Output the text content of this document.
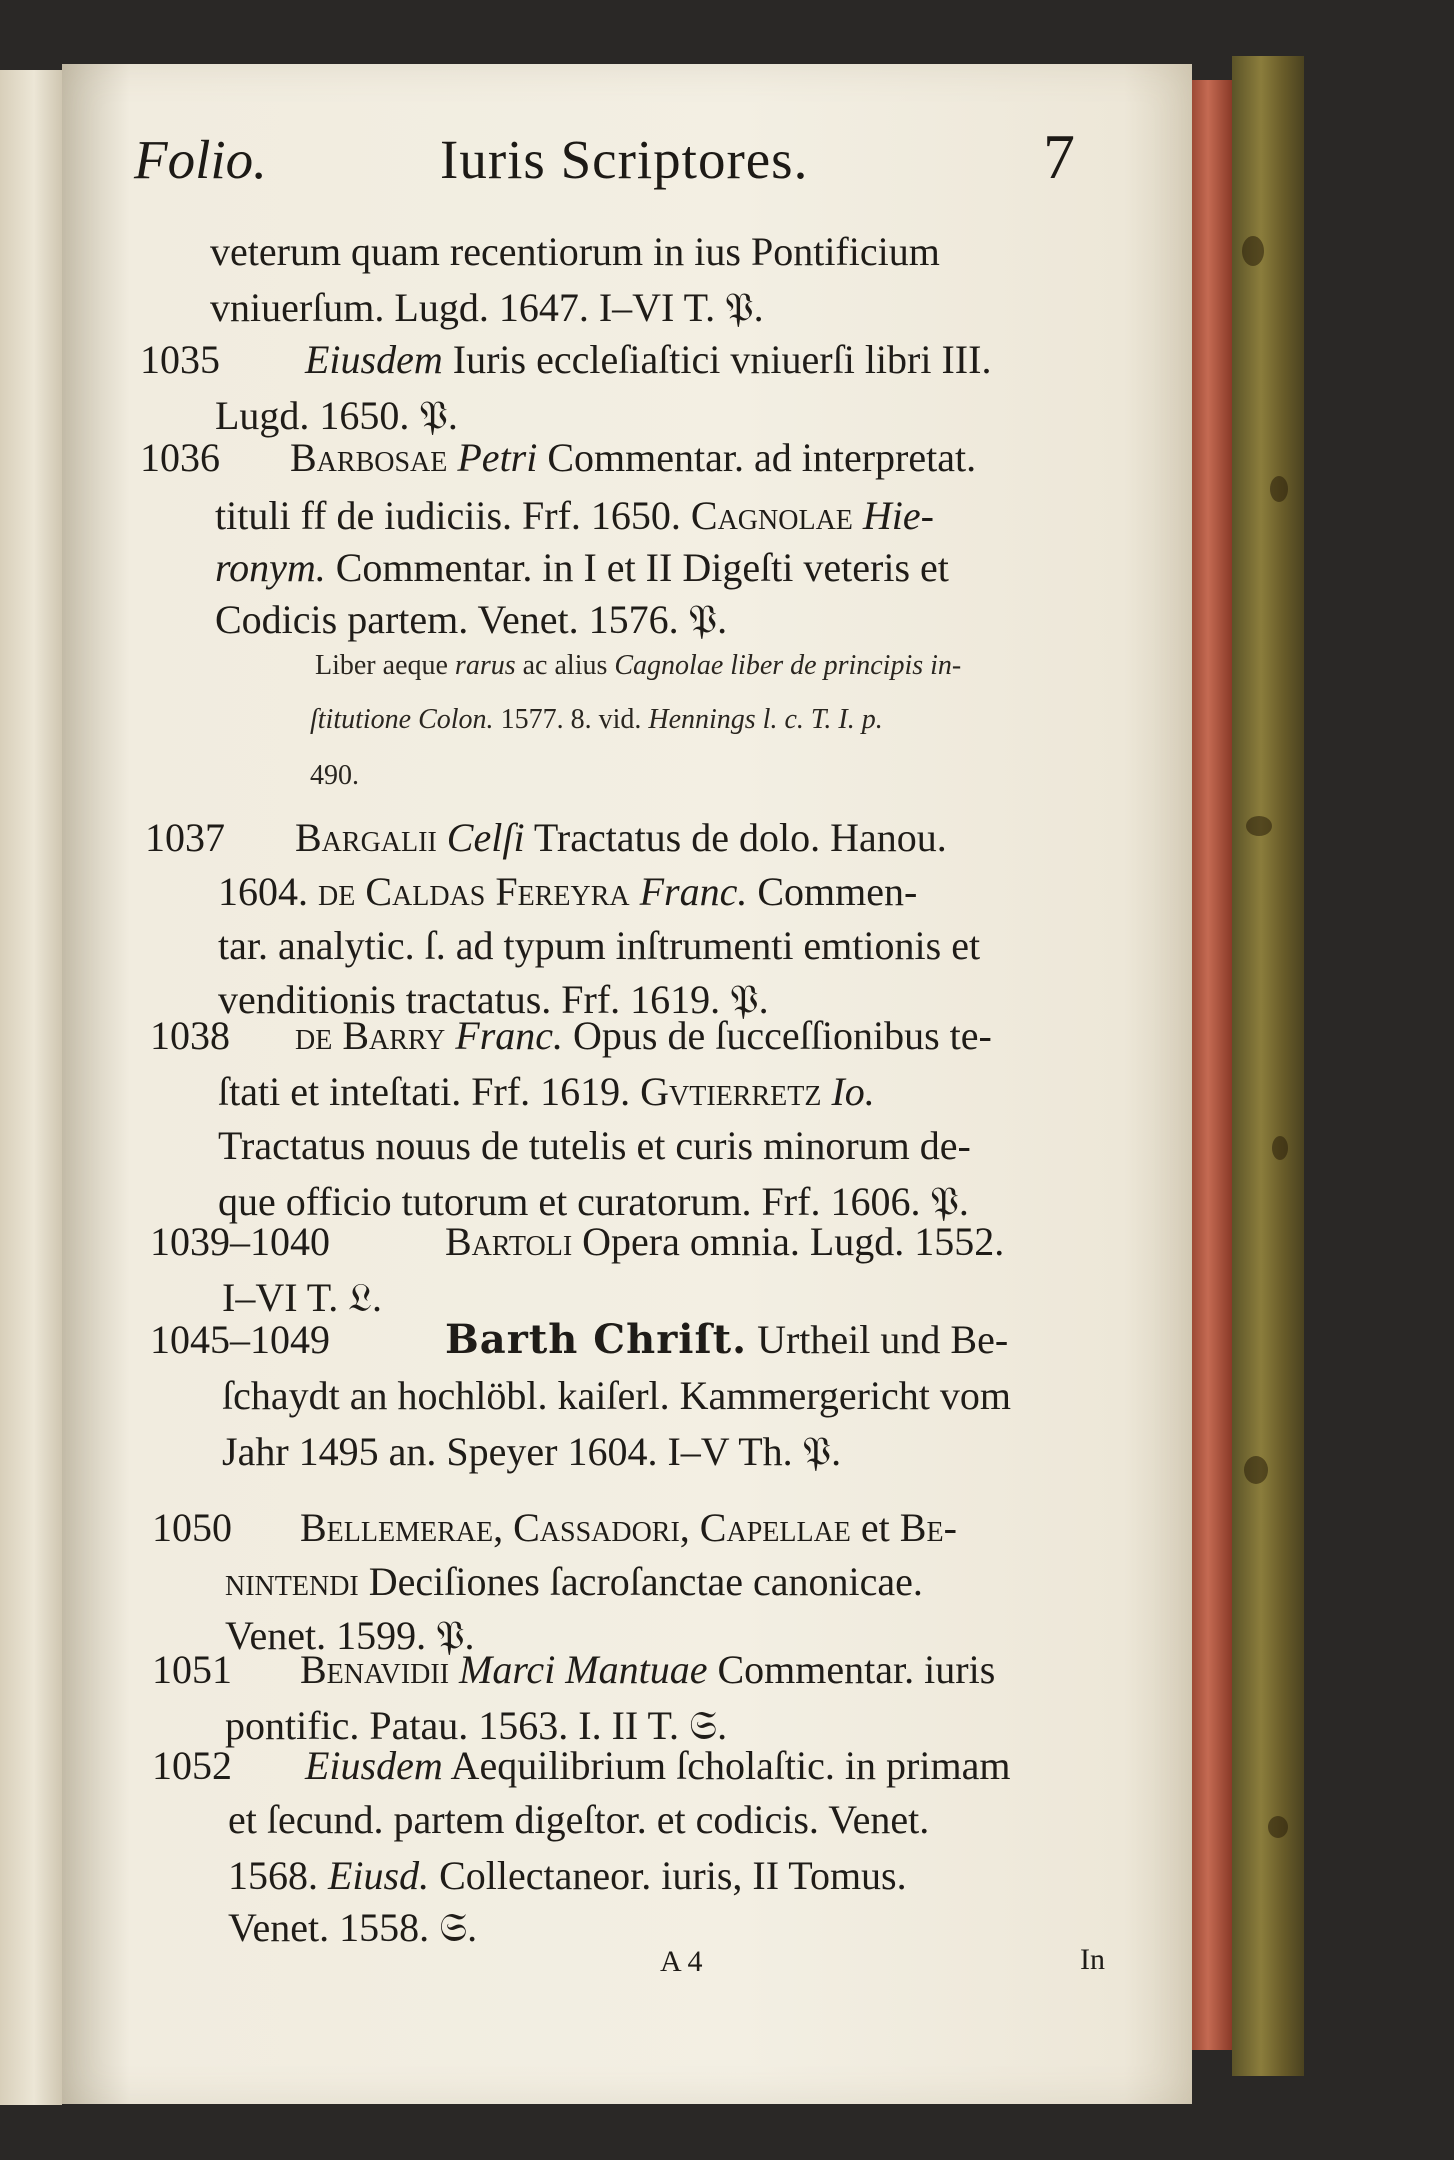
Folio.	Iuris Scriptores.	7
veterum quam recentiorum in ius Pontificium
vniuerſum. Lugd. 1647. I–VI T. 𝔓.
1035 Eiusdem Iuris eccleſiaſtici vniuerſi libri III.
Lugd. 1650. 𝔓.
1036 Barbosae Petri Commentar. ad interpretat.
tituli ff de iudiciis. Frf. 1650. Cagnolae Hie-
ronym. Commentar. in I et II Digeſti veteris et
Codicis partem. Venet. 1576. 𝔓.
1037 Bargalii Celſi Tractatus de dolo. Hanou.
1604. de Caldas Fereyra Franc. Commen-
tar. analytic. ſ. ad typum inſtrumenti emtionis et
venditionis tractatus. Frf. 1619. 𝔓.
1038 de Barry Franc. Opus de ſucceſſionibus te-
ſtati et inteſtati. Frf. 1619. Gvtierretz Io.
Tractatus nouus de tutelis et curis minorum de-
que officio tutorum et curatorum. Frf. 1606. 𝔓.
1039–1040	Bartoli Opera omnia. Lugd. 1552.
I–VI T. 𝔏.
1045–1049	Barth Chriſt. Urtheil und Be-
ſchaydt an hochlöbl. kaiſerl. Kammergericht vom
Jahr 1495 an. Speyer 1604. I–V Th. 𝔓.
1050 Bellemerae, Cassadori, Capellae et Be-
nintendi Deciſiones ſacroſanctae canonicae.
Venet. 1599. 𝔓.
1051 Benavidii Marci Mantuae Commentar. iuris
pontific. Patau. 1563. I. II T. 𝔖.
1052 Eiusdem Aequilibrium ſcholaſtic. in primam
et ſecund. partem digeſtor. et codicis. Venet.
1568. Eiusd. Collectaneor. iuris, II Tomus.
Venet. 1558. 𝔖.
Liber aeque rarus ac alius Cagnolae liber de principis in-
ſtitutione Colon. 1577. 8. vid. Hennings l. c. T. I. p.
490.
A 4	In
